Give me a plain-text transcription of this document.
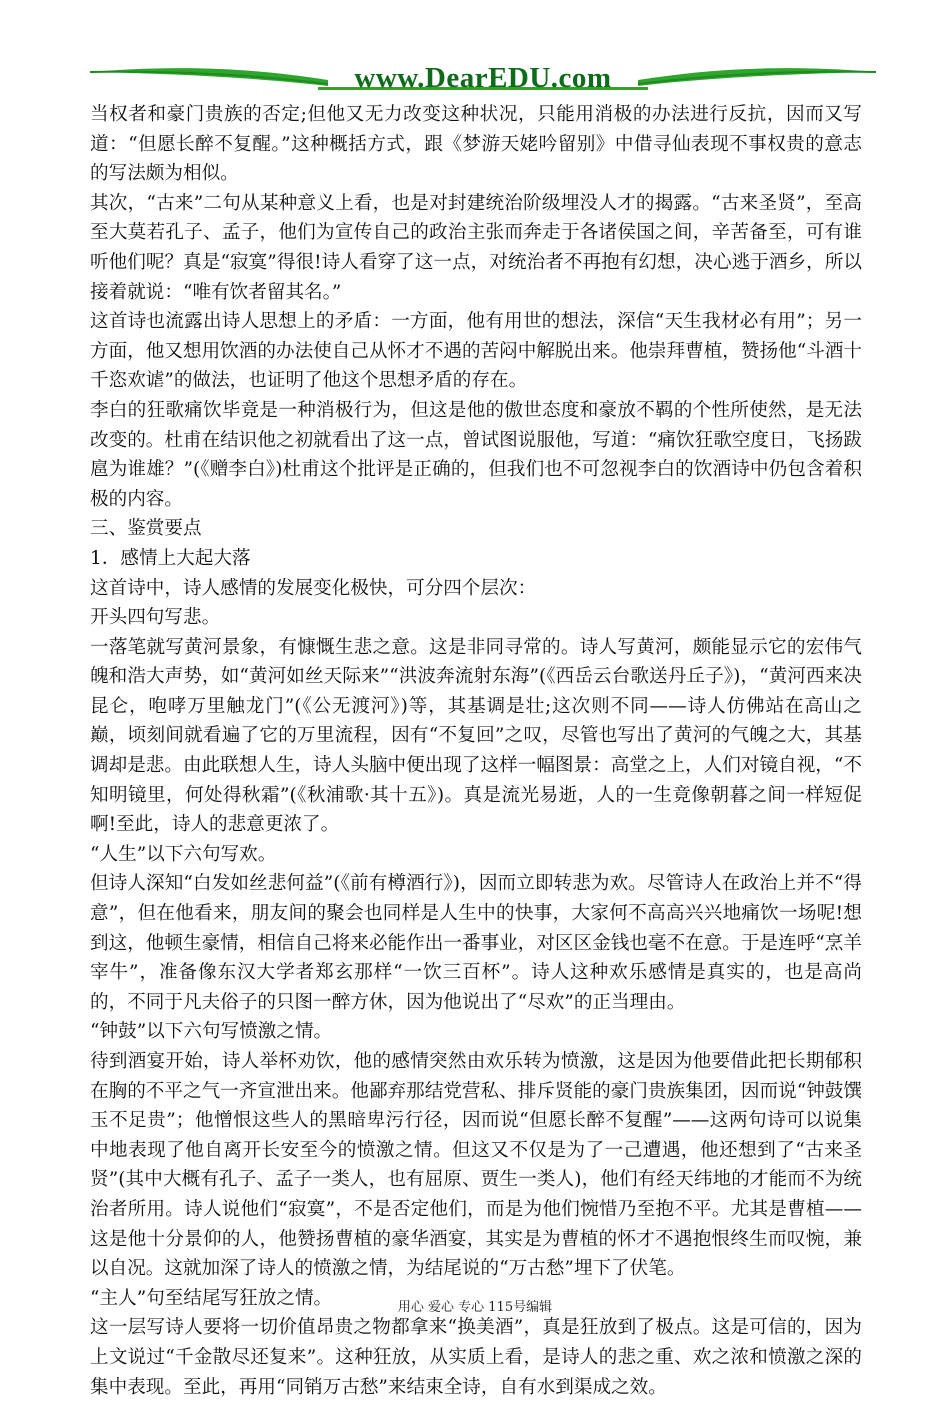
www.DearEDU.com

当权者和豪门贵族的否定;但他又无力改变这种状况，只能用消极的办法进行反抗，因而又写道：“但愿长醉不复醒。”这种概括方式，跟《梦游天姥吟留别》中借寻仙表现不事权贵的意志的写法颇为相似。

其次，“古来”二句从某种意义上看，也是对封建统治阶级埋没人才的揭露。“古来圣贤”，至高至大莫若孔子、孟子，他们为宣传自己的政治主张而奔走于各诸侯国之间，辛苦备至，可有谁听他们呢？真是“寂寞”得很!诗人看穿了这一点，对统治者不再抱有幻想，决心逃于酒乡，所以接着就说：“唯有饮者留其名。”

这首诗也流露出诗人思想上的矛盾：一方面，他有用世的想法，深信“天生我材必有用”；另一方面，他又想用饮酒的办法使自己从怀才不遇的苦闷中解脱出来。他崇拜曹植，赞扬他“斗酒十千恣欢谑”的做法，也证明了他这个思想矛盾的存在。

李白的狂歌痛饮毕竟是一种消极行为，但这是他的傲世态度和豪放不羁的个性所使然，是无法改变的。杜甫在结识他之初就看出了这一点，曾试图说服他，写道：“痛饮狂歌空度日，飞扬跋扈为谁雄？”(《赠李白》)杜甫这个批评是正确的，但我们也不可忽视李白的饮酒诗中仍包含着积极的内容。

三、鉴赏要点

1．感情上大起大落

这首诗中，诗人感情的发展变化极快，可分四个层次：

开头四句写悲。

一落笔就写黄河景象，有慷慨生悲之意。这是非同寻常的。诗人写黄河，颇能显示它的宏伟气魄和浩大声势，如“黄河如丝天际来”“洪波奔流射东海”(《西岳云台歌送丹丘子》)，“黄河西来决昆仑，咆哮万里触龙门”(《公无渡河》)等，其基调是壮;这次则不同——诗人仿佛站在高山之巅，顷刻间就看遍了它的万里流程，因有“不复回”之叹，尽管也写出了黄河的气魄之大，其基调却是悲。由此联想人生，诗人头脑中便出现了这样一幅图景：高堂之上，人们对镜自视，“不知明镜里，何处得秋霜”(《秋浦歌·其十五》)。真是流光易逝，人的一生竟像朝暮之间一样短促啊!至此，诗人的悲意更浓了。

“人生”以下六句写欢。

但诗人深知“白发如丝悲何益”(《前有樽酒行》)，因而立即转悲为欢。尽管诗人在政治上并不“得意”，但在他看来，朋友间的聚会也同样是人生中的快事，大家何不高高兴兴地痛饮一场呢!想到这，他顿生豪情，相信自己将来必能作出一番事业，对区区金钱也毫不在意。于是连呼“烹羊宰牛”，准备像东汉大学者郑玄那样“一饮三百杯”。诗人这种欢乐感情是真实的，也是高尚的，不同于凡夫俗子的只图一醉方休，因为他说出了“尽欢”的正当理由。

“钟鼓”以下六句写愤激之情。

待到酒宴开始，诗人举杯劝饮，他的感情突然由欢乐转为愤激，这是因为他要借此把长期郁积在胸的不平之气一齐宣泄出来。他鄙弃那结党营私、排斥贤能的豪门贵族集团，因而说“钟鼓馔玉不足贵”；他憎恨这些人的黑暗卑污行径，因而说“但愿长醉不复醒”——这两句诗可以说集中地表现了他自离开长安至今的愤激之情。但这又不仅是为了一己遭遇，他还想到了“古来圣贤”(其中大概有孔子、孟子一类人，也有屈原、贾生一类人)，他们有经天纬地的才能而不为统治者所用。诗人说他们“寂寞”，不是否定他们，而是为他们惋惜乃至抱不平。尤其是曹植——这是他十分景仰的人，他赞扬曹植的豪华酒宴，其实是为曹植的怀才不遇抱恨终生而叹惋，兼以自况。这就加深了诗人的愤激之情，为结尾说的“万古愁”埋下了伏笔。

“主人”句至结尾写狂放之情。

这一层写诗人要将一切价值昂贵之物都拿来“换美酒”，真是狂放到了极点。这是可信的，因为上文说过“千金散尽还复来”。这种狂放，从实质上看，是诗人的悲之重、欢之浓和愤激之深的集中表现。至此，再用“同销万古愁”来结束全诗，自有水到渠成之效。

用心 爱心 专心 115号编辑
